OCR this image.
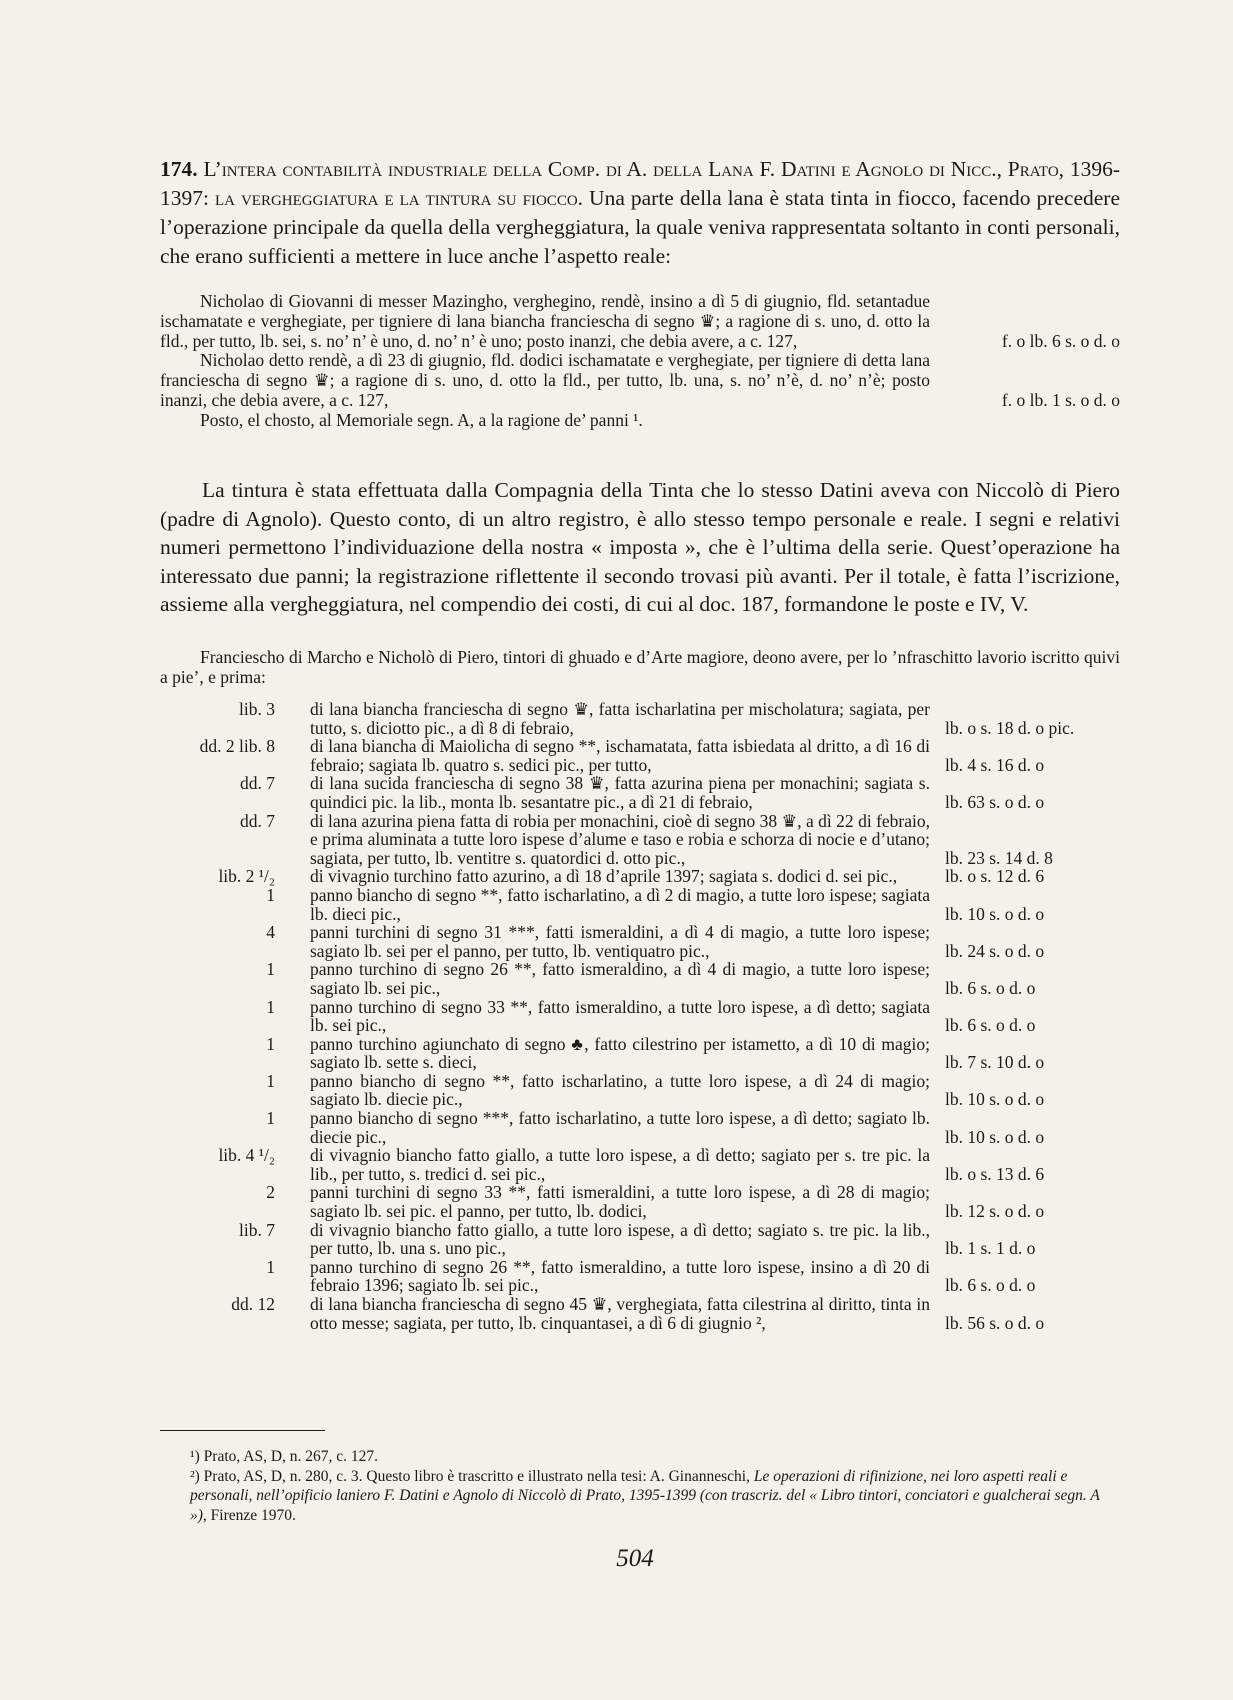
174. L’intera contabilità industriale della Comp. di A. della Lana F. Datini e Agnolo di Nicc., Prato, 1396-1397: la vergheggiatura e la tintura su fiocco. Una parte della lana è stata tinta in fiocco, facendo precedere l’operazione principale da quella della vergheggiatura, la quale veniva rappresentata soltanto in conti personali, che erano sufficienti a mettere in luce anche l’aspetto reale:
Nicholao di Giovanni di messer Mazingho, verghegino, rendè, insino a dì 5 di giugnio, fld. setantadue ischamatate e verghegiate, per tigniere di lana biancha franciescha di segno ♛; a ragione di s. uno, d. otto la fld., per tutto, lb. sei, s. no’ n’ è uno, d. no’ n’ è uno; posto inanzi, che debia avere, a c. 127,	f. o lb. 6 s. o d. o
Nicholao detto rendè, a dì 23 di giugnio, fld. dodici ischamatate e verghegiate, per tigniere di detta lana franciescha di segno ♛; a ragione di s. uno, d. otto la fld., per tutto, lb. una, s. no’ n’è, d. no’ n’è; posto inanzi, che debia avere, a c. 127,	f. o lb. 1 s. o d. o
Posto, el chosto, al Memoriale segn. A, a la ragione de’ panni ¹.
La tintura è stata effettuata dalla Compagnia della Tinta che lo stesso Datini aveva con Niccolò di Piero (padre di Agnolo). Questo conto, di un altro registro, è allo stesso tempo personale e reale. I segni e relativi numeri permettono l’individuazione della nostra « imposta », che è l’ultima della serie. Quest’operazione ha interessato due panni; la registrazione riflettente il secondo trovasi più avanti. Per il totale, è fatta l’iscrizione, assieme alla vergheggiatura, nel compendio dei costi, di cui al doc. 187, formandone le poste e IV, V.
Franciescho di Marcho e Nicholò di Piero, tintori di ghuado e d’Arte magiore, deono avere, per lo ’nfraschitto lavorio iscritto quivi a pie’, e prima:
lib. 3 di lana biancha franciescha di segno ♛, fatta ischarlatina per mischolatura; sagiata, per tutto, s. diciotto pic., a dì 8 di febraio,	lb. o s. 18 d. o pic.
dd. 2 lib. 8 di lana biancha di Maiolicha di segno **, ischamatata, fatta isbiedata al dritto, a dì 16 di febraio; sagiata lb. quatro s. sedici pic., per tutto,	lb. 4 s. 16 d. o
dd. 7 di lana sucida franciescha di segno 38 ♛, fatta azurina piena per monachini; sagiata s. quindici pic. la lib., monta lb. sesantatre pic., a dì 21 di febraio,	lb. 63 s. o d. o
dd. 7 di lana azurina piena fatta di robia per monachini, cioè di segno 38 ♛, a dì 22 di febraio, e prima aluminata a tutte loro ispese d’alume e taso e robia e schorza di nocie e d’utano; sagiata, per tutto, lb. ventitre s. quatordici d. otto pic.,	lb. 23 s. 14 d. 8
lib. 2 ¹/₂ di vivagnio turchino fatto azurino, a dì 18 d’aprile 1397; sagiata s. dodici d. sei pic.,	lb. o s. 12 d. 6
1 panno biancho di segno **, fatto ischarlatino, a dì 2 di magio, a tutte loro ispese; sagiata lb. dieci pic.,	lb. 10 s. o d. o
4 panni turchini di segno 31 ***, fatti ismeraldini, a dì 4 di magio, a tutte loro ispese; sagiato lb. sei per el panno, per tutto, lb. ventiquatro pic.,	lb. 24 s. o d. o
1 panno turchino di segno 26 **, fatto ismeraldino, a dì 4 di magio, a tutte loro ispese; sagiato lb. sei pic.,	lb. 6 s. o d. o
1 panno turchino di segno 33 **, fatto ismeraldino, a tutte loro ispese, a dì detto; sagiata lb. sei pic.,	lb. 6 s. o d. o
1 panno turchino agiunchato di segno ♣, fatto cilestrino per istametto, a dì 10 di magio; sagiato lb. sette s. dieci,	lb. 7 s. 10 d. o
1 panno biancho di segno **, fatto ischarlatino, a tutte loro ispese, a dì 24 di magio; sagiato lb. diecie pic.,	lb. 10 s. o d. o
1 panno biancho di segno ***, fatto ischarlatino, a tutte loro ispese, a dì detto; sagiato lb. diecie pic.,	lb. 10 s. o d. o
lib. 4 ¹/₂ di vivagnio biancho fatto giallo, a tutte loro ispese, a dì detto; sagiato per s. tre pic. la lib., per tutto, s. tredici d. sei pic.,	lb. o s. 13 d. 6
2 panni turchini di segno 33 **, fatti ismeraldini, a tutte loro ispese, a dì 28 di magio; sagiato lb. sei pic. el panno, per tutto, lb. dodici,	lb. 12 s. o d. o
lib. 7 di vivagnio biancho fatto giallo, a tutte loro ispese, a dì detto; sagiato s. tre pic. la lib., per tutto, lb. una s. uno pic.,	lb. 1 s. 1 d. o
1 panno turchino di segno 26 **, fatto ismeraldino, a tutte loro ispese, insino a dì 20 di febraio 1396; sagiato lb. sei pic.,	lb. 6 s. o d. o
dd. 12 di lana biancha franciescha di segno 45 ♛, verghegiata, fatta cilestrina al diritto, tinta in otto messe; sagiata, per tutto, lb. cinquantasei, a dì 6 di giugnio ²,	lb. 56 s. o d. o
¹) Prato, AS, D, n. 267, c. 127.
²) Prato, AS, D, n. 280, c. 3. Questo libro è trascritto e illustrato nella tesi: A. Ginanneschi, Le operazioni di rifinizione, nei loro aspetti reali e personali, nell’opificio laniero F. Datini e Agnolo di Niccolò di Prato, 1395-1399 (con trascriz. del « Libro tintori, conciatori e gualcherai segn. A »), Firenze 1970.
504
